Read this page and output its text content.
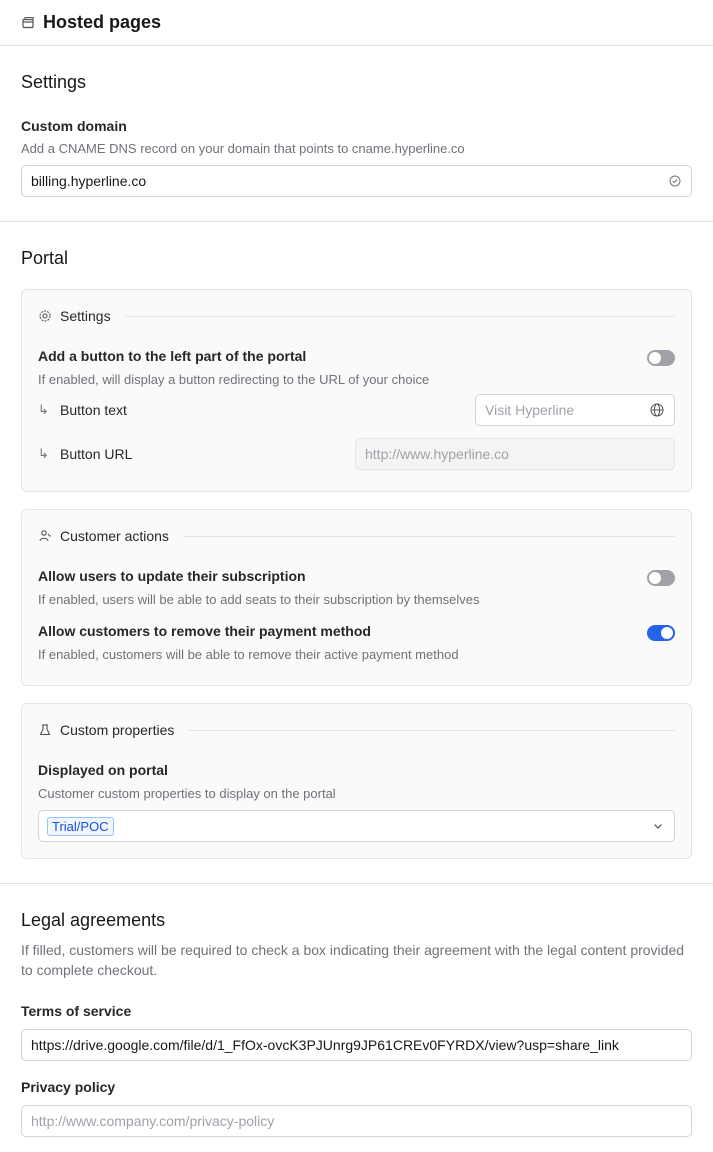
Hosted pages
Settings
Custom domain
Add a CNAME DNS record on your domain that points to cname.hyperline.co
billing.hyperline.co
Portal
Settings
Add a button to the left part of the portal
If enabled, will display a button redirecting to the URL of your choice
↳ Button text	Visit Hyperline
↳ Button URL	http://www.hyperline.co
Customer actions
Allow users to update their subscription
If enabled, users will be able to add seats to their subscription by themselves
Allow customers to remove their payment method
If enabled, customers will be able to remove their active payment method
Custom properties
Displayed on portal
Customer custom properties to display on the portal
Trial/POC
Legal agreements
If filled, customers will be required to check a box indicating their agreement with the legal content provided to complete checkout.
Terms of service
https://drive.google.com/file/d/1_FfOx-ovcK3PJUnrg9JP61CREv0FYRDX/view?usp=share_link
Privacy policy
http://www.company.com/privacy-policy
